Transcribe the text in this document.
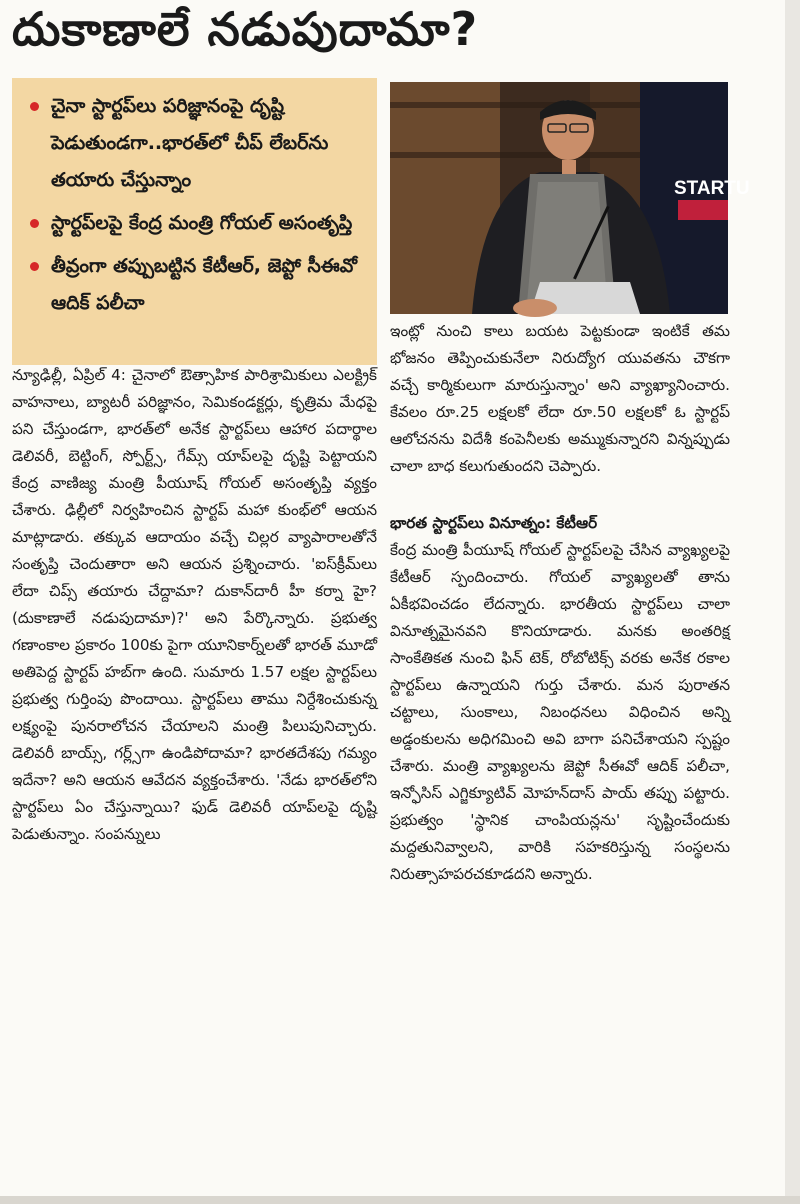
దుకాణాలే నడుపుదామా?
చైనా స్టార్టప్‌లు పరిజ్ఞానంపై దృష్టి పెడుతుండగా..భారత్‌లో చీప్ లేబర్‌ను తయారు చేస్తున్నాం
స్టార్టప్‌లపై కేంద్ర మంత్రి గోయల్ అసంతృప్తి
తీవ్రంగా తప్పుబట్టిన కేటీఆర్, జెప్టో సీఈవో ఆదిక్ పలీచా
STARTU

న్యూఢిల్లీ, ఏప్రిల్ 4: చైనాలో ఔత్సాహిక పారిశ్రామికులు ఎలక్ట్రిక్ వాహనాలు, బ్యాటరీ పరిజ్ఞానం, సెమికండక్టర్లు, కృత్రిమ మేధపై పని చేస్తుండగా, భారత్‌లో అనేక స్టార్టప్‌లు ఆహార పదార్థాల డెలివరీ, బెట్టింగ్, స్పోర్ట్స్, గేమ్స్ యాప్‌లపై దృష్టి పెట్టాయని కేంద్ర వాణిజ్య మంత్రి పీయూష్ గోయల్ అసంతృప్తి వ్యక్తం చేశారు. ఢిల్లీలో నిర్వహించిన స్టార్టప్ మహా కుంభ్‌లో ఆయన మాట్లాడారు. తక్కువ ఆదాయం వచ్చే చిల్లర వ్యాపారాలతోనే సంతృప్తి చెందుతారా అని ఆయన ప్రశ్నించారు. 'ఐస్‌క్రీమ్‌లు లేదా చిప్స్ తయారు చేద్దామా? దుకాన్‌దారీ హీ కర్నా హై? (దుకాణాలే నడుపుదామా)?' అని పేర్కొన్నారు. ప్రభుత్వ గణాంకాల ప్రకారం 100కు పైగా యూనికార్న్‌లతో భారత్ మూడో అతిపెద్ద స్టార్టప్ హబ్‌గా ఉంది. సుమారు 1.57 లక్షల స్టార్టప్‌లు ప్రభుత్వ గుర్తింపు పొందాయి. స్టార్టప్‌లు తాము నిర్దేశించుకున్న లక్ష్యంపై పునరాలోచన చేయాలని మంత్రి పిలుపునిచ్చారు. డెలివరీ బాయ్స్, గర్ల్స్‌గా ఉండిపోదామా? భారతదేశపు గమ్యం ఇదేనా? అని ఆయన ఆవేదన వ్యక్తంచేశారు. 'నేడు భారత్‌లోని స్టార్టప్‌లు ఏం చేస్తున్నాయి? ఫుడ్ డెలివరీ యాప్‌లపై దృష్టి పెడుతున్నాం. సంపన్నులు

ఇంట్లో నుంచి కాలు బయట పెట్టకుండా ఇంటికే తమ భోజనం తెప్పించుకునేలా నిరుద్యోగ యువతను చౌకగా వచ్చే కార్మికులుగా మారుస్తున్నాం' అని వ్యాఖ్యానించారు. కేవలం రూ.25 లక్షలకో లేదా రూ.50 లక్షలకో ఓ స్టార్టప్ ఆలోచనను విదేశీ కంపెనీలకు అమ్ముకున్నారని విన్నప్పుడు చాలా బాధ కలుగుతుందని చెప్పారు.

భారత స్టార్టప్‌లు వినూత్నం: కేటీఆర్

కేంద్ర మంత్రి పీయూష్ గోయల్ స్టార్టప్‌లపై చేసిన వ్యాఖ్యలపై కేటీఆర్ స్పందించారు. గోయల్ వ్యాఖ్యలతో తాను ఏకీభవించడం లేదన్నారు. భారతీయ స్టార్టప్‌లు చాలా వినూత్నమైనవని కొనియాడారు. మనకు అంతరిక్ష సాంకేతికత నుంచి ఫిన్ టెక్, రోబోటిక్స్ వరకు అనేక రకాల స్టార్టప్‌లు ఉన్నాయని గుర్తు చేశారు. మన పురాతన చట్టాలు, సుంకాలు, నిబంధనలు విధించిన అన్ని అడ్డంకులను అధిగమించి అవి బాగా పనిచేశాయని స్పష్టం చేశారు. మంత్రి వ్యాఖ్యలను జెప్టో సీఈవో ఆదిక్ పలీచా, ఇన్ఫోసిస్ ఎగ్జిక్యూటివ్ మోహన్‌దాస్ పాయ్ తప్పు పట్టారు. ప్రభుత్వం 'స్థానిక చాంపియన్లను' సృష్టించేందుకు మద్దతునివ్వాలని, వారికి సహకరిస్తున్న సంస్థలను నిరుత్సాహపరచకూడదని అన్నారు.
